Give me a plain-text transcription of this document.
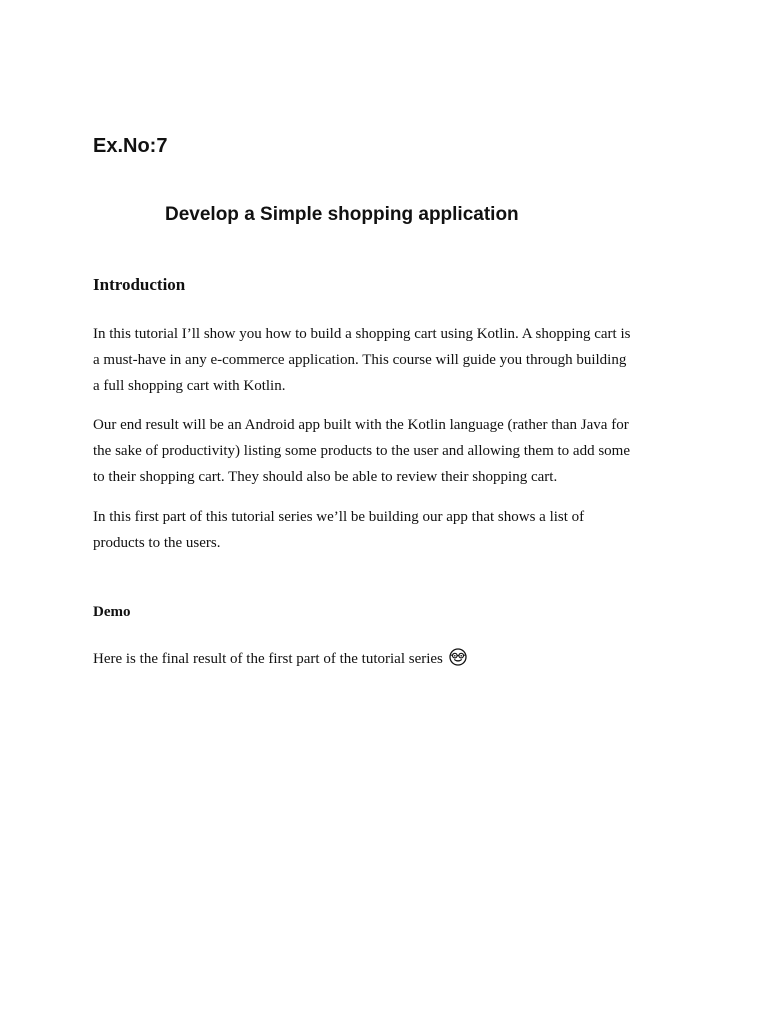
Ex.No:7
Develop a Simple shopping application
Introduction

In this tutorial I’ll show you how to build a shopping cart using Kotlin. A shopping cart is
a must-have in any e-commerce application. This course will guide you through building
a full shopping cart with Kotlin.

Our end result will be an Android app built with the Kotlin language (rather than Java for
the sake of productivity) listing some products to the user and allowing them to add some
to their shopping cart. They should also be able to review their shopping cart.

In this first part of this tutorial series we’ll be building our app that shows a list of
products to the users.

Demo

Here is the final result of the first part of the tutorial series
